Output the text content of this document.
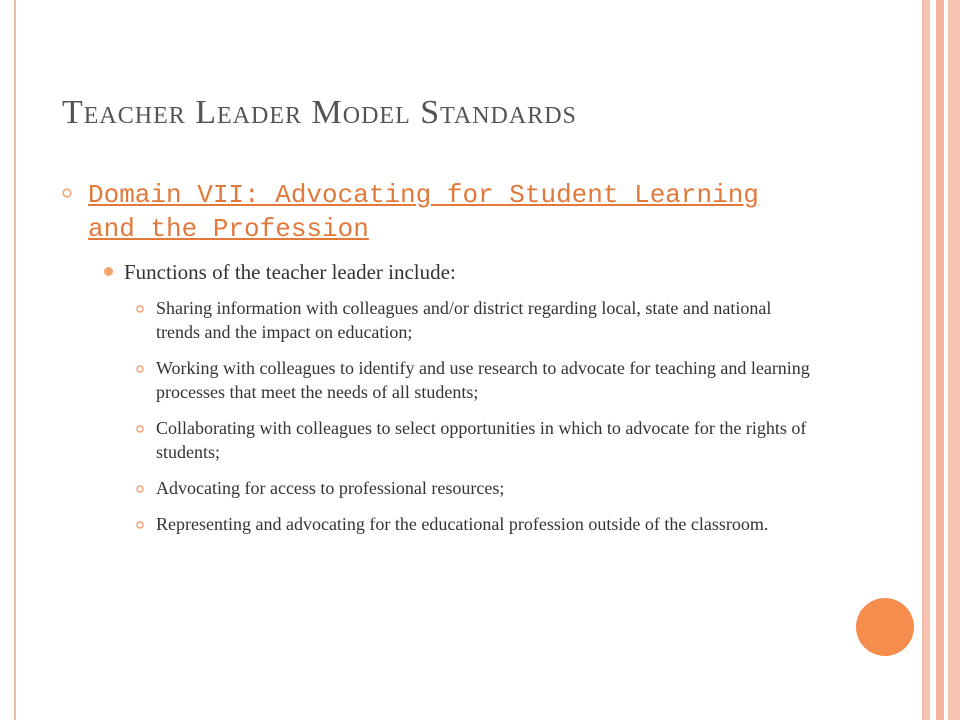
Teacher Leader Model Standards
Domain VII: Advocating for Student Learning and the Profession
Functions of the teacher leader include:
Sharing information with colleagues and/or district regarding local, state and national trends and the impact on education;
Working with colleagues to identify and use research to advocate for teaching and learning processes that meet the needs of all students;
Collaborating with colleagues to select opportunities in which to advocate for the rights of students;
Advocating for access to professional resources;
Representing and advocating for the educational profession outside of the classroom.
